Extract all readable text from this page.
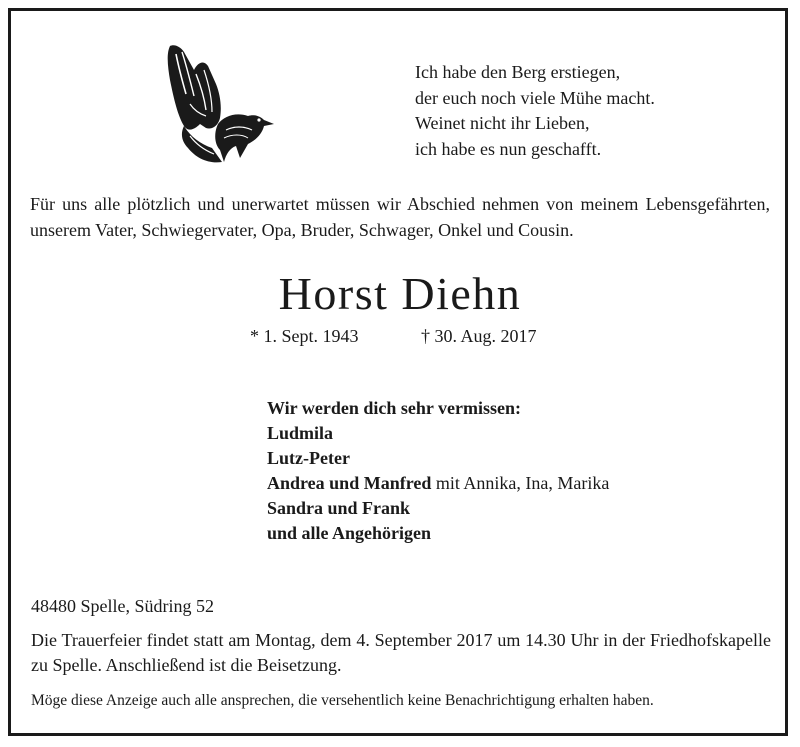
Ich habe den Berg erstiegen,
der euch noch viele Mühe macht.
Weinet nicht ihr Lieben,
ich habe es nun geschafft.
Für uns alle plötzlich und unerwartet müssen wir Abschied nehmen von meinem Lebensgefährten, unserem Vater, Schwiegervater, Opa, Bruder, Schwager, Onkel und Cousin.
Horst Diehn
* 1. Sept. 1943	† 30. Aug. 2017
Wir werden dich sehr vermissen:
Ludmila
Lutz-Peter
Andrea und Manfred mit Annika, Ina, Marika
Sandra und Frank
und alle Angehörigen
48480 Spelle, Südring 52
Die Trauerfeier findet statt am Montag, dem 4. September 2017 um 14.30 Uhr in der Friedhofskapelle zu Spelle. Anschließend ist die Beisetzung.
Möge diese Anzeige auch alle ansprechen, die versehentlich keine Benachrichtigung erhalten haben.
